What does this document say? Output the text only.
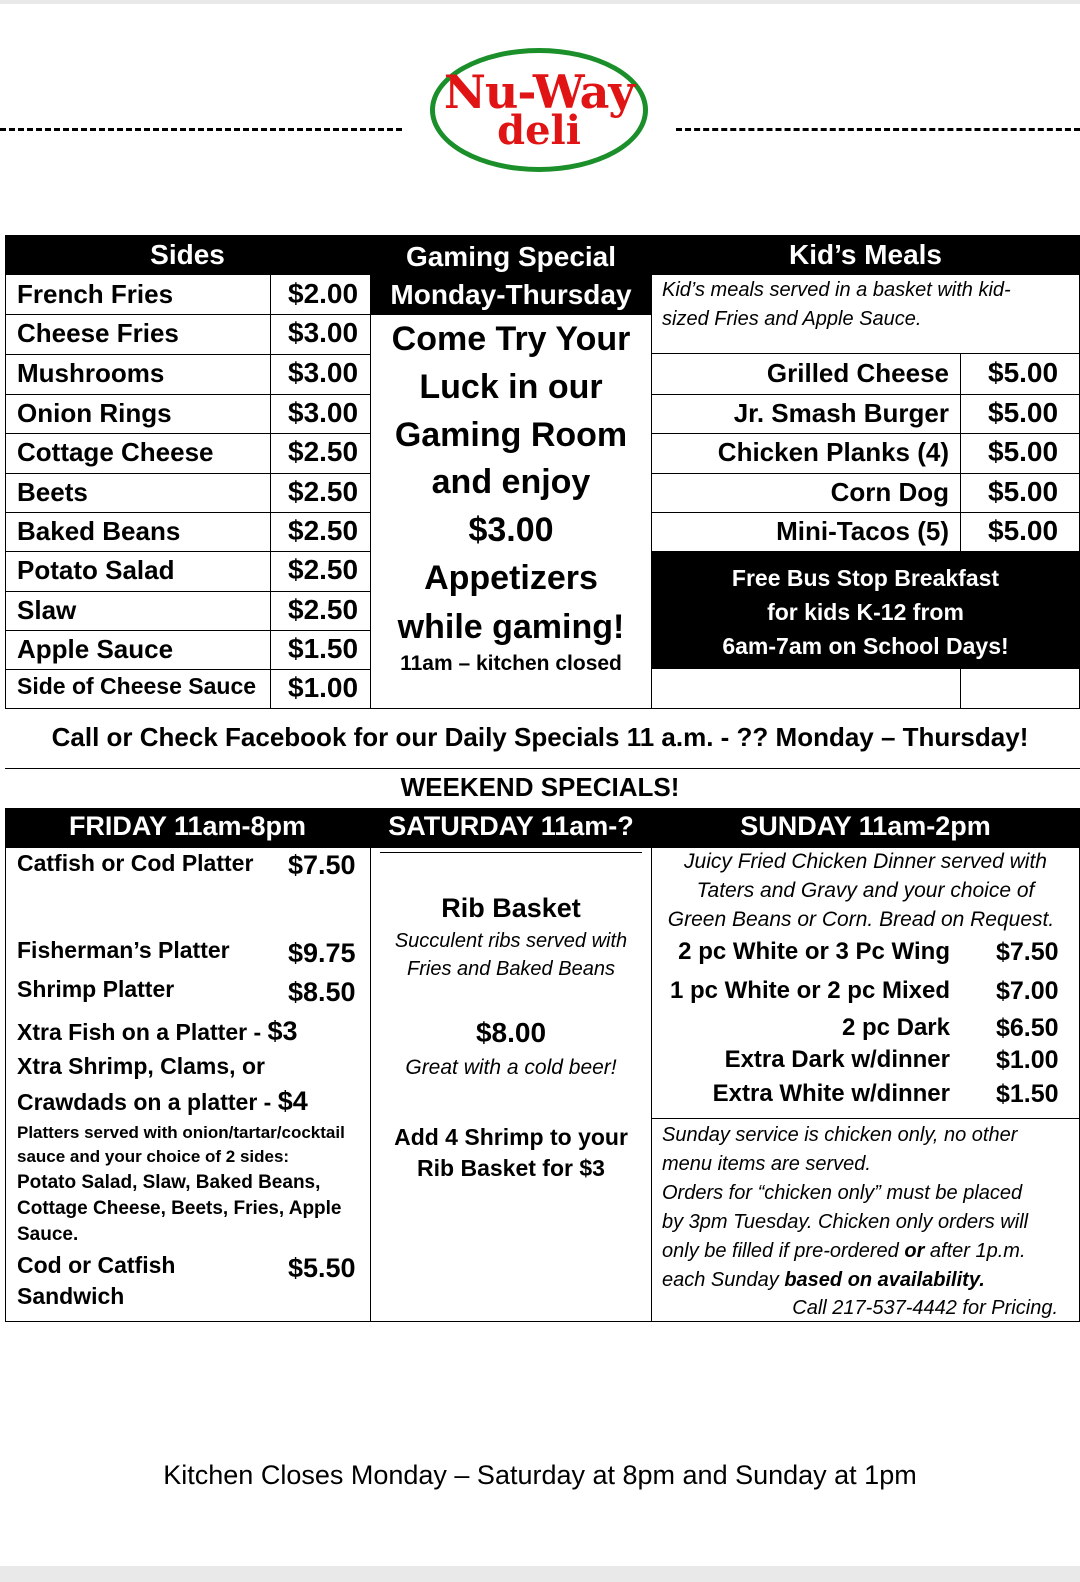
Nu-Way
deli
Sides
French Fries	$2.00
Cheese Fries	$3.00
Mushrooms	$3.00
Onion Rings	$3.00
Cottage Cheese	$2.50
Beets	$2.50
Baked Beans	$2.50
Potato Salad	$2.50
Slaw	$2.50
Apple Sauce	$1.50
Side of Cheese Sauce $1.00
Gaming Special
Monday-Thursday
Come Try Your
Luck in our
Gaming Room
and enjoy
$3.00
Appetizers
while gaming!
11am – kitchen closed
Kid’s Meals
Kid’s meals served in a basket with kid-
sized Fries and Apple Sauce.
Grilled Cheese $5.00
Jr. Smash Burger $5.00
Chicken Planks (4) $5.00
Corn Dog $5.00
Mini-Tacos (5) $5.00
Free Bus Stop Breakfast
for kids K-12 from
6am-7am on School Days!
Call or Check Facebook for our Daily Specials 11 a.m. - ?? Monday – Thursday!
WEEKEND SPECIALS!
FRIDAY 11am-8pm	SATURDAY 11am-?	SUNDAY 11am-2pm
Catfish or Cod Platter $7.50
Fisherman’s Platter $9.75
Shrimp Platter	$8.50
Xtra Fish on a Platter - $3
Xtra Shrimp, Clams, or
Crawdads on a platter - $4
Platters served with onion/tartar/cocktail
sauce and your choice of 2 sides:
Potato Salad, Slaw, Baked Beans,
Cottage Cheese, Beets, Fries, Apple
Sauce.
Cod or Catfish
Sandwich
$5.50
Rib Basket
Succulent ribs served with
Fries and Baked Beans
$8.00
Great with a cold beer!
Add 4 Shrimp to your
Rib Basket for $3
Juicy Fried Chicken Dinner served with
Taters and Gravy and your choice of
Green Beans or Corn. Bread on Request.
2 pc White or 3 Pc Wing $7.50
1 pc White or 2 pc Mixed $7.00
2 pc Dark $6.50
Extra Dark w/dinner $1.00
Extra White w/dinner $1.50
Sunday service is chicken only, no other
menu items are served.
Orders for “chicken only” must be placed
by 3pm Tuesday. Chicken only orders will
only be filled if pre-ordered or after 1p.m.
each Sunday based on availability.
Call 217-537-4442 for Pricing.
Kitchen Closes Monday – Saturday at 8pm and Sunday at 1pm
